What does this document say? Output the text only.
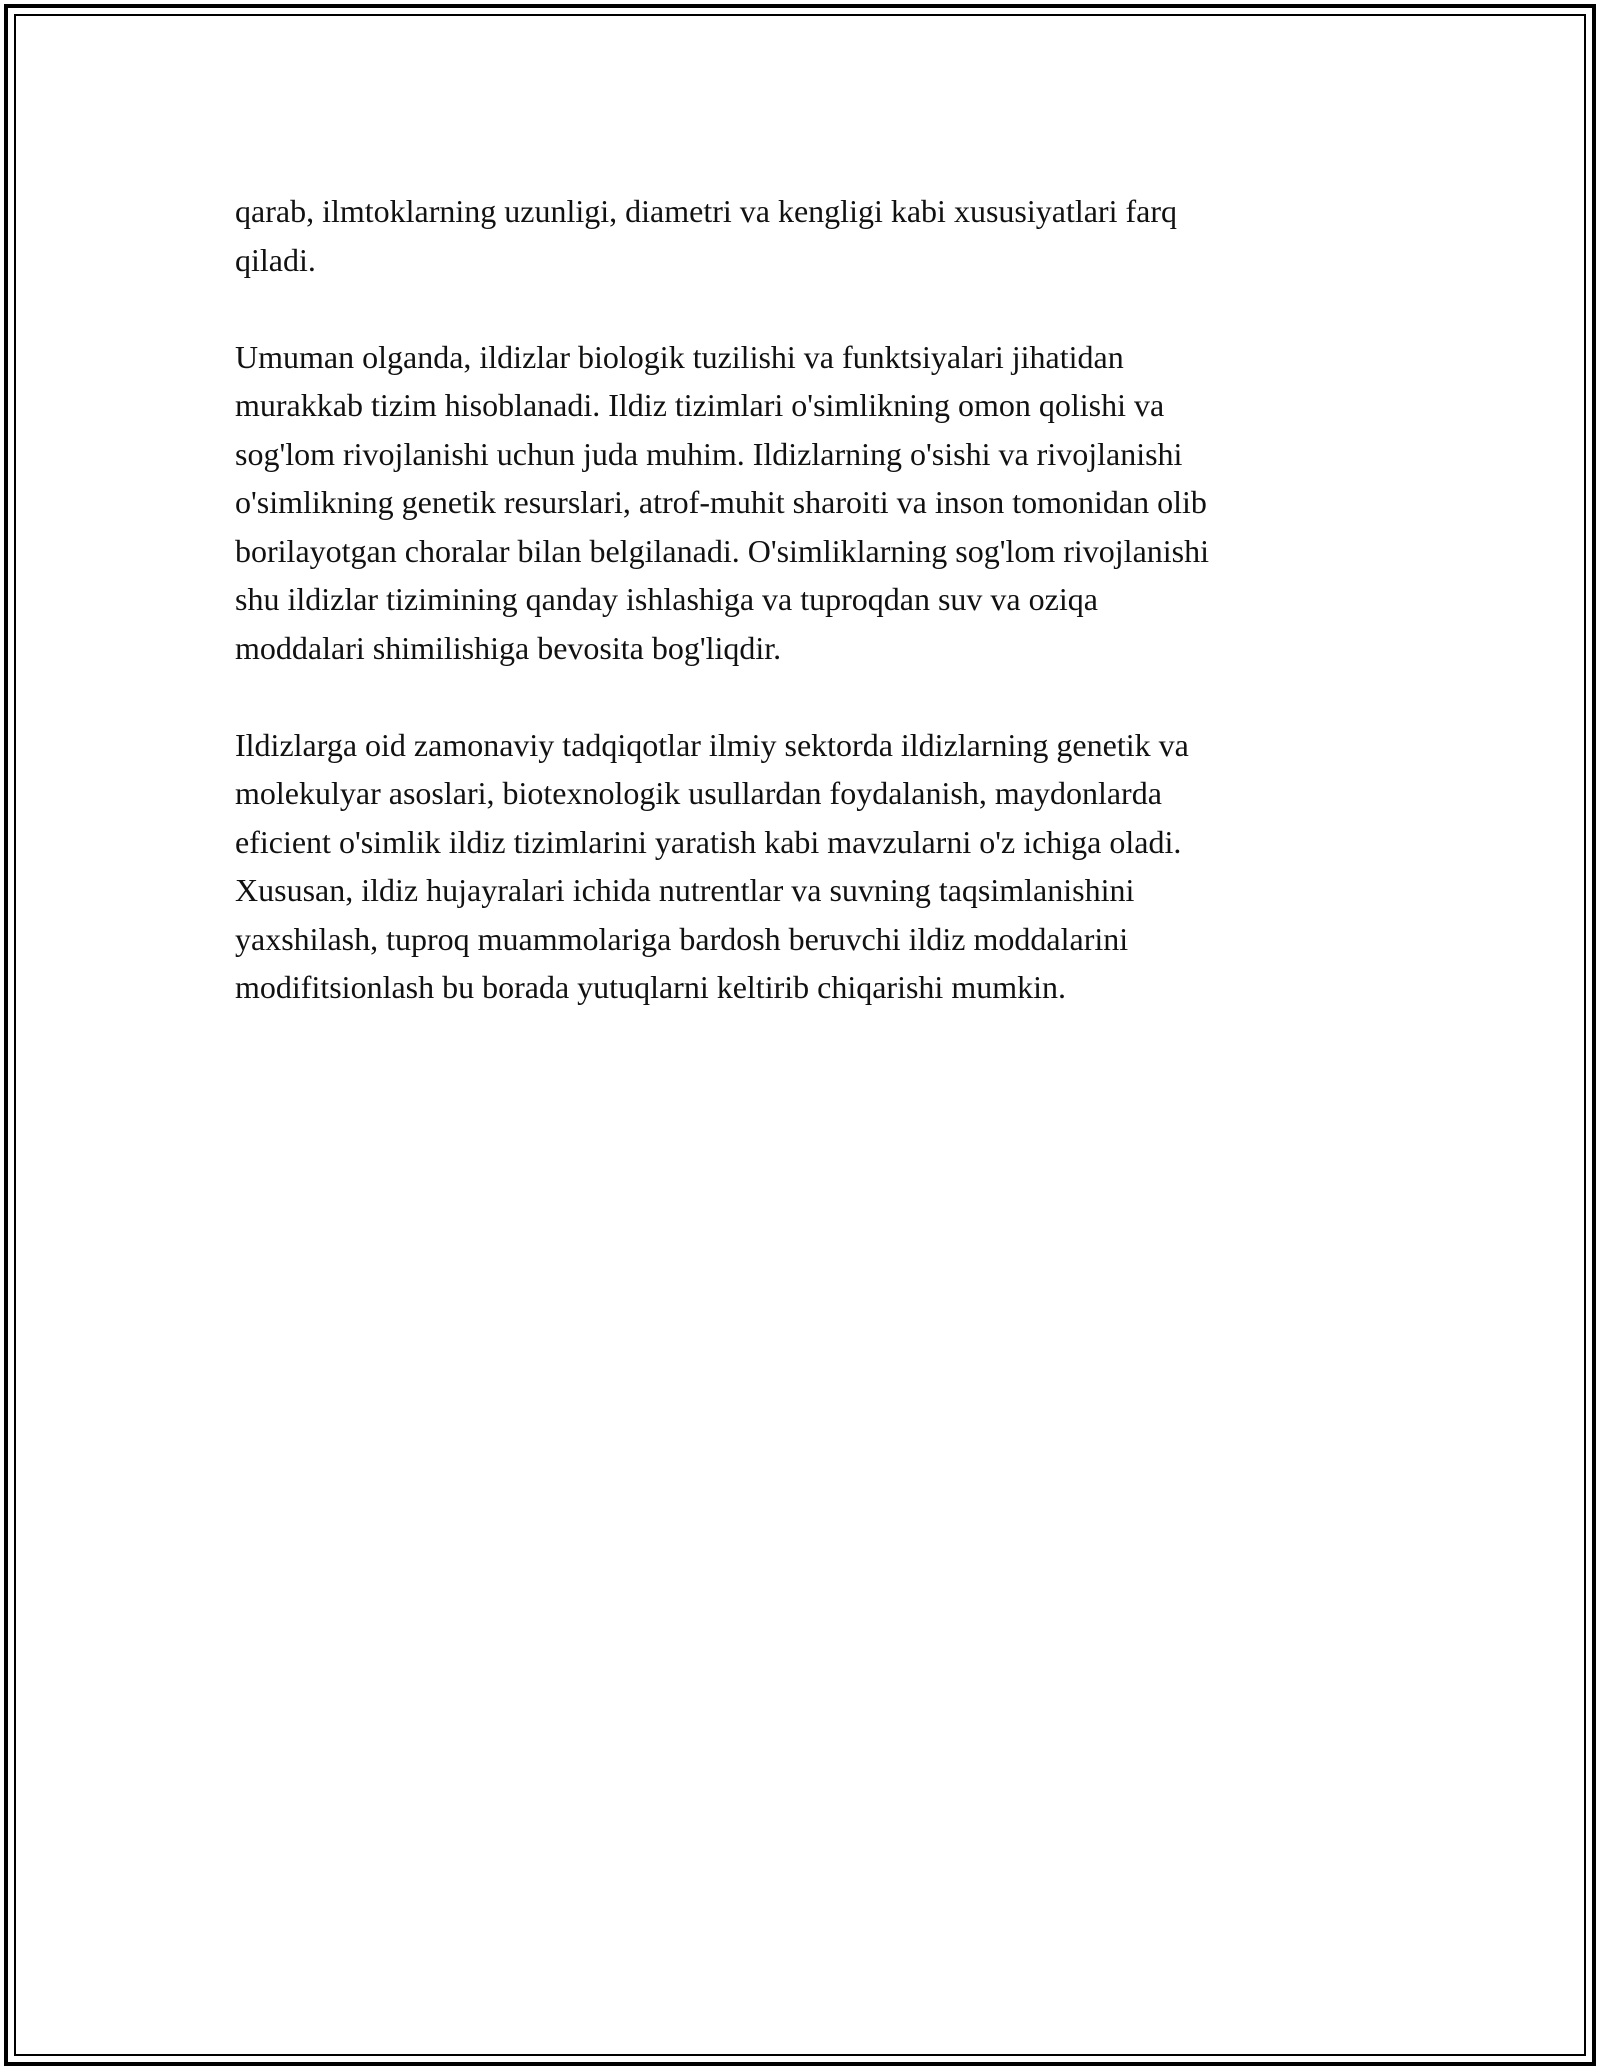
qarab, ilmtoklarning uzunligi, diametri va kengligi kabi xususiyatlari farq
qiladi.

Umuman olganda, ildizlar biologik tuzilishi va funktsiyalari jihatidan
murakkab tizim hisoblanadi. Ildiz tizimlari o'simlikning omon qolishi va
sog'lom rivojlanishi uchun juda muhim. Ildizlarning o'sishi va rivojlanishi
o'simlikning genetik resurslari, atrof-muhit sharoiti va inson tomonidan olib
borilayotgan choralar bilan belgilanadi. O'simliklarning sog'lom rivojlanishi
shu ildizlar tizimining qanday ishlashiga va tuproqdan suv va oziqa
moddalari shimilishiga bevosita bog'liqdir.

Ildizlarga oid zamonaviy tadqiqotlar ilmiy sektorda ildizlarning genetik va
molekulyar asoslari, biotexnologik usullardan foydalanish, maydonlarda
eficient o'simlik ildiz tizimlarini yaratish kabi mavzularni o'z ichiga oladi.
Xususan, ildiz hujayralari ichida nutrentlar va suvning taqsimlanishini
yaxshilash, tuproq muammolariga bardosh beruvchi ildiz moddalarini
modifitsionlash bu borada yutuqlarni keltirib chiqarishi mumkin.
